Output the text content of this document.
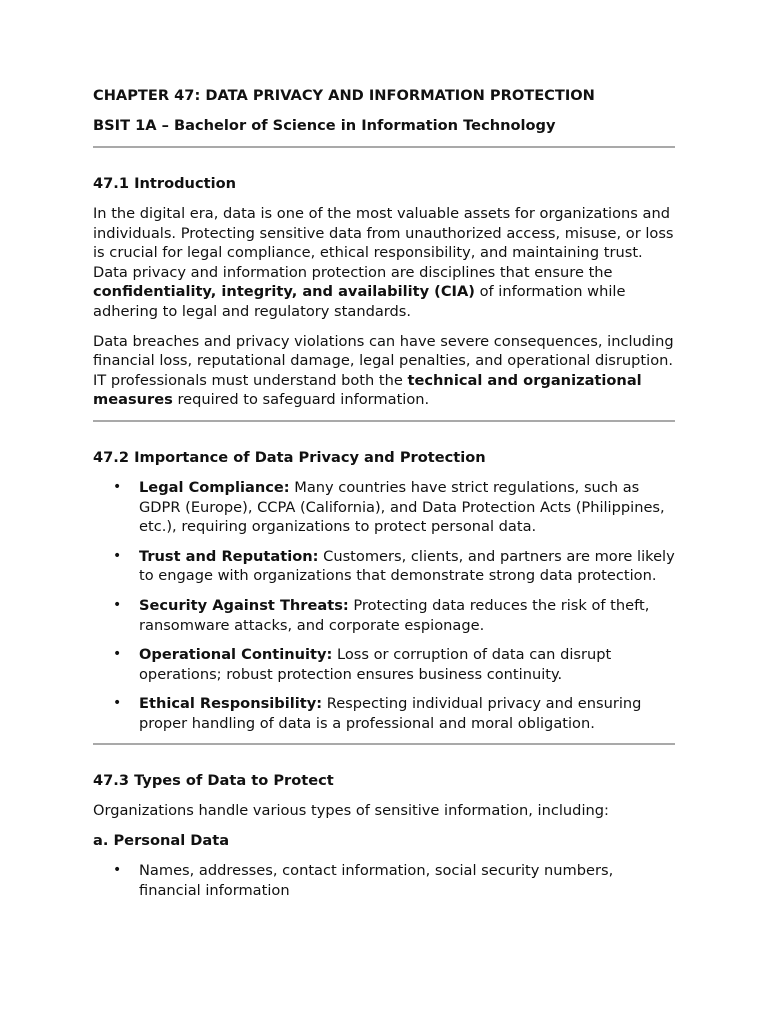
CHAPTER 47: DATA PRIVACY AND INFORMATION PROTECTION

BSIT 1A – Bachelor of Science in Information Technology

47.1 Introduction

In the digital era, data is one of the most valuable assets for organizations and individuals. Protecting sensitive data from unauthorized access, misuse, or loss is crucial for legal compliance, ethical responsibility, and maintaining trust. Data privacy and information protection are disciplines that ensure the confidentiality, integrity, and availability (CIA) of information while adhering to legal and regulatory standards.

Data breaches and privacy violations can have severe consequences, including financial loss, reputational damage, legal penalties, and operational disruption. IT professionals must understand both the technical and organizational measures required to safeguard information.

47.2 Importance of Data Privacy and Protection
• Legal Compliance: Many countries have strict regulations, such as GDPR (Europe), CCPA (California), and Data Protection Acts (Philippines, etc.), requiring organizations to protect personal data.
• Trust and Reputation: Customers, clients, and partners are more likely to engage with organizations that demonstrate strong data protection.
• Security Against Threats: Protecting data reduces the risk of theft, ransomware attacks, and corporate espionage.
• Operational Continuity: Loss or corruption of data can disrupt operations; robust protection ensures business continuity.
• Ethical Responsibility: Respecting individual privacy and ensuring proper handling of data is a professional and moral obligation.
47.3 Types of Data to Protect

Organizations handle various types of sensitive information, including:

a. Personal Data
• Names, addresses, contact information, social security numbers, financial information
